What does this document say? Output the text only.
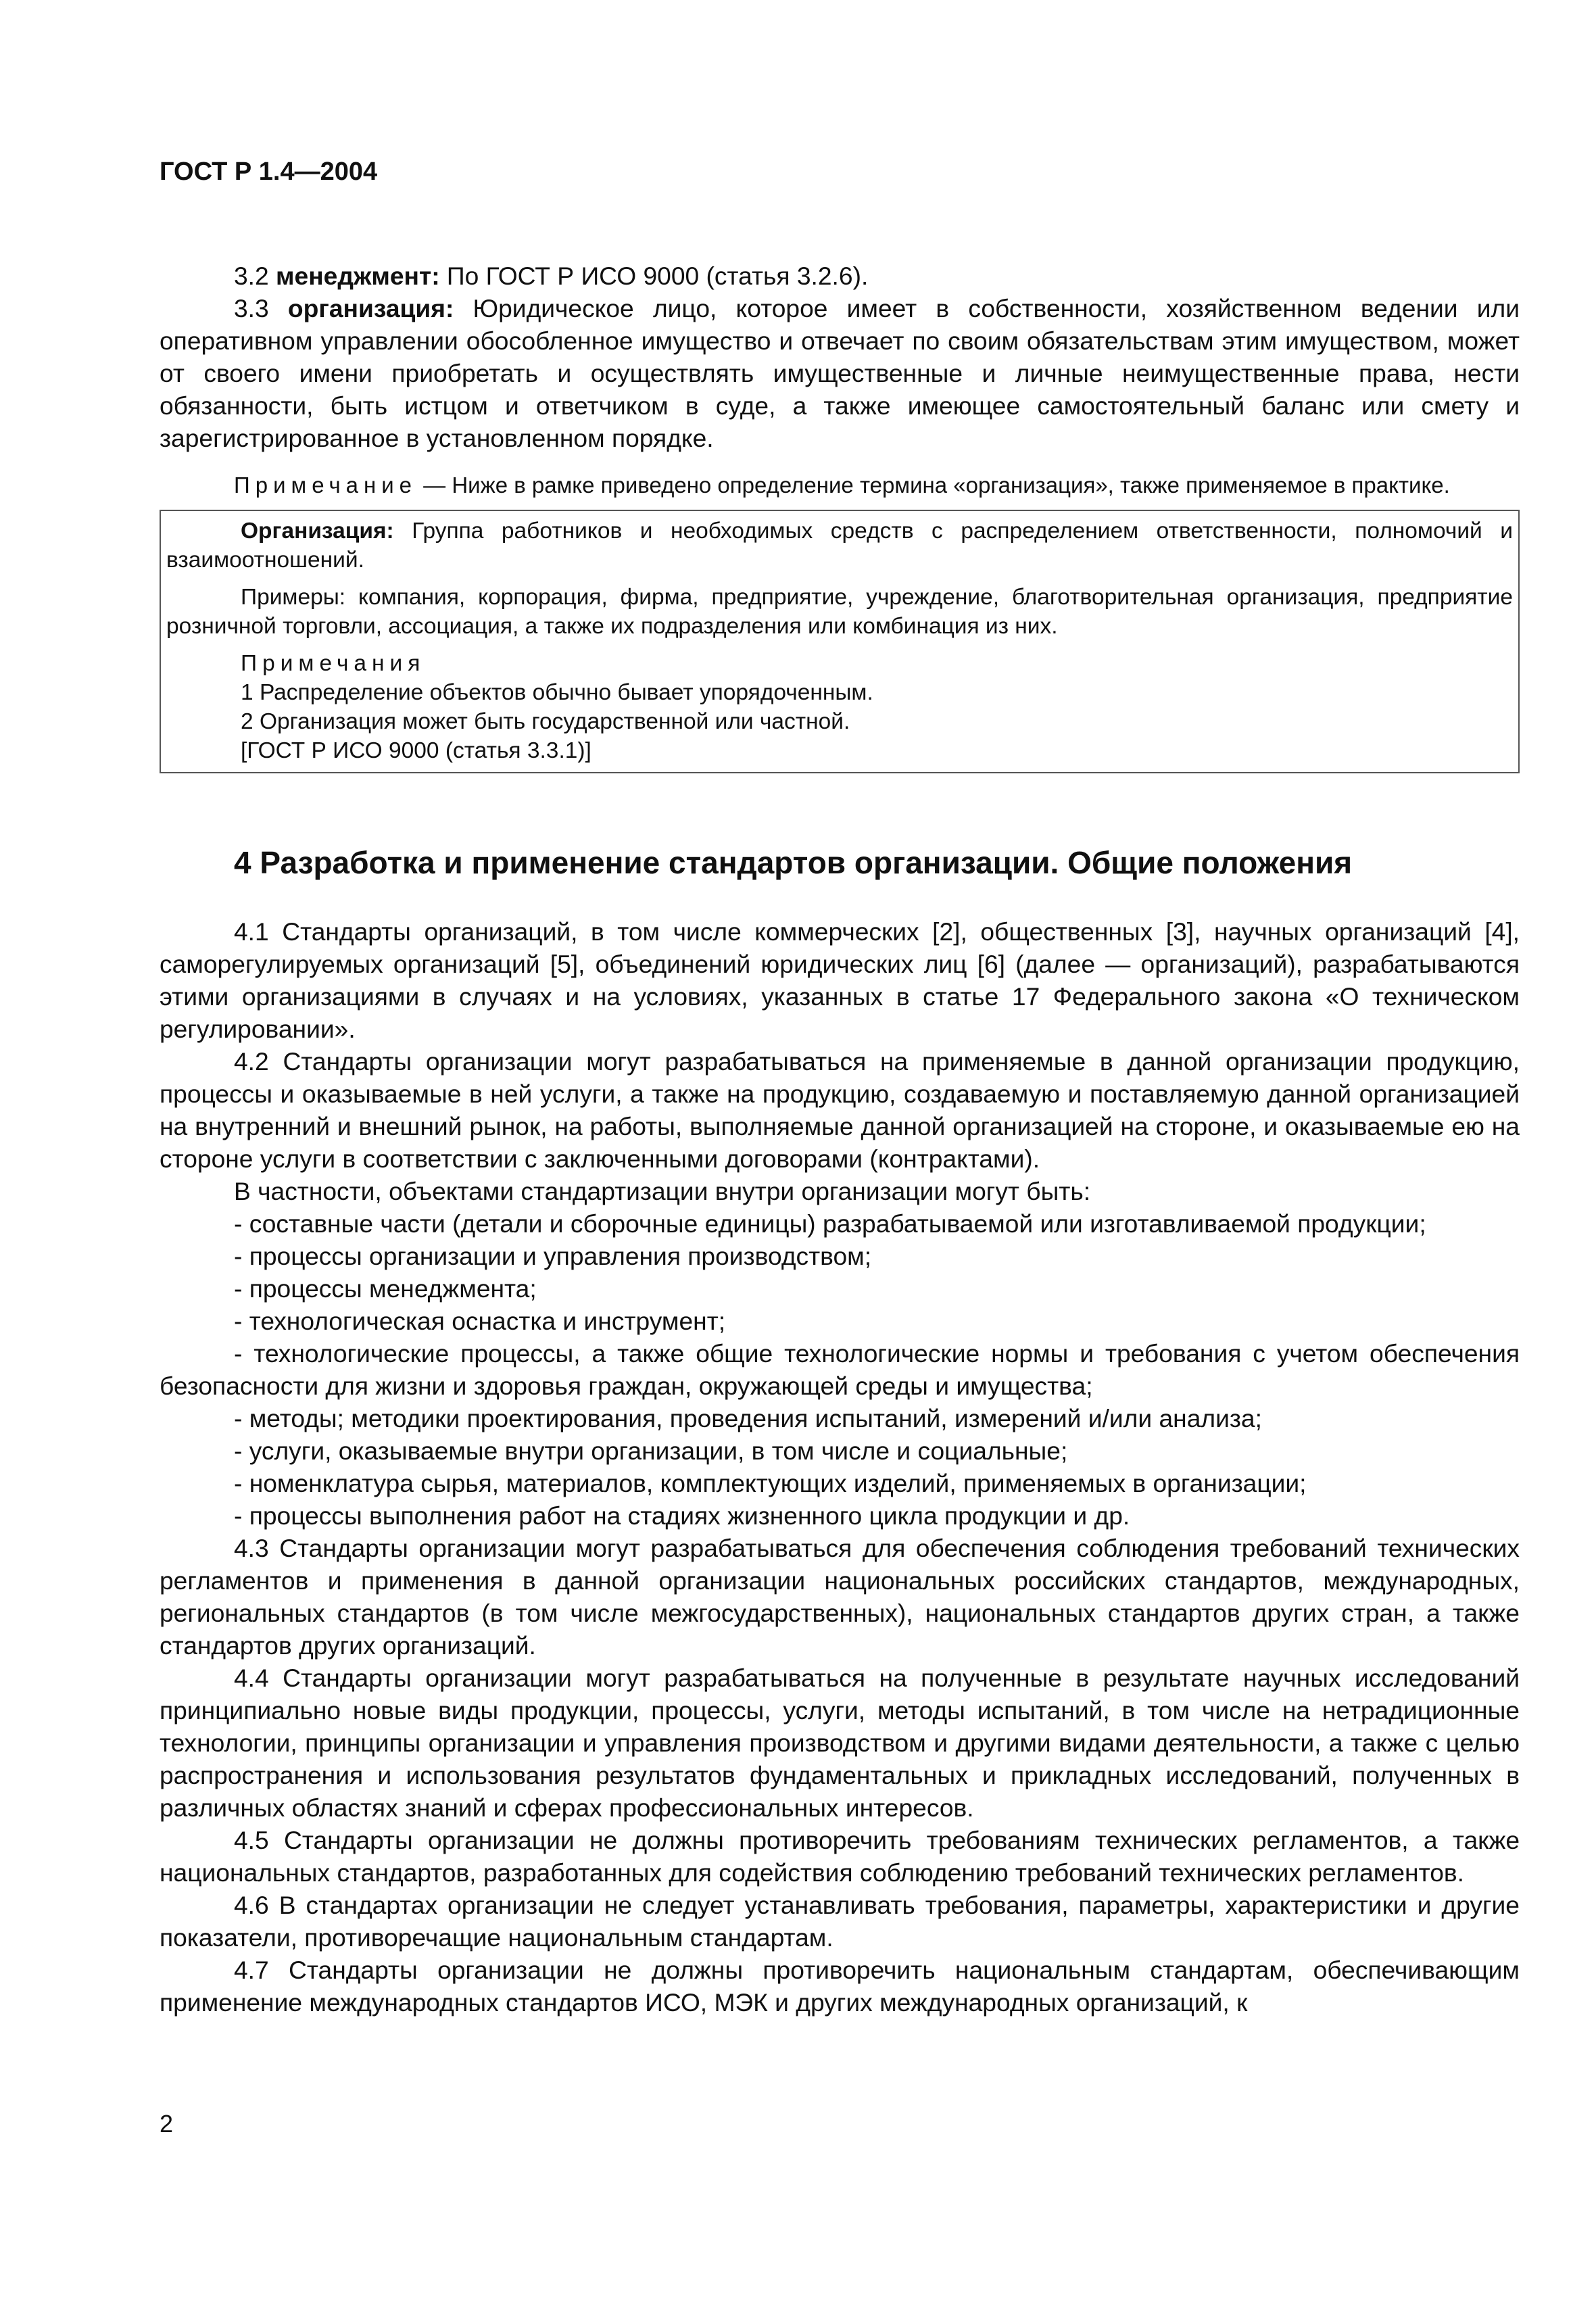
ГОСТ Р 1.4—2004

3.2 менеджмент: По ГОСТ Р ИСО 9000 (статья 3.2.6).

3.3 организация: Юридическое лицо, которое имеет в собственности, хозяйственном ведении или оперативном управлении обособленное имущество и отвечает по своим обязательствам этим имуществом, может от своего имени приобретать и осуществлять имущественные и личные неимущественные права, нести обязанности, быть истцом и ответчиком в суде, а также имеющее самостоятельный баланс или смету и зарегистрированное в установленном порядке.

Примечание — Ниже в рамке приведено определение термина «организация», также применяемое в практике.

Организация: Группа работников и необходимых средств с распределением ответственности, полномочий и взаимоотношений.

Примеры: компания, корпорация, фирма, предприятие, учреждение, благотворительная организация, предприятие розничной торговли, ассоциация, а также их подразделения или комбинация из них.

Примечания

1 Распределение объектов обычно бывает упорядоченным.

2 Организация может быть государственной или частной.

[ГОСТ Р ИСО 9000 (статья 3.3.1)]

4 Разработка и применение стандартов организации. Общие положения

4.1 Стандарты организаций, в том числе коммерческих [2], общественных [3], научных организаций [4], саморегулируемых организаций [5], объединений юридических лиц [6] (далее — организаций), разрабатываются этими организациями в случаях и на условиях, указанных в статье 17 Федерального закона «О техническом регулировании».

4.2 Стандарты организации могут разрабатываться на применяемые в данной организации продукцию, процессы и оказываемые в ней услуги, а также на продукцию, создаваемую и поставляемую данной организацией на внутренний и внешний рынок, на работы, выполняемые данной организацией на стороне, и оказываемые ею на стороне услуги в соответствии с заключенными договорами (контрактами).

В частности, объектами стандартизации внутри организации могут быть:

- составные части (детали и сборочные единицы) разрабатываемой или изготавливаемой продукции;

- процессы организации и управления производством;

- процессы менеджмента;

- технологическая оснастка и инструмент;

- технологические процессы, а также общие технологические нормы и требования с учетом обеспечения безопасности для жизни и здоровья граждан, окружающей среды и имущества;

- методы; методики проектирования, проведения испытаний, измерений и/или анализа;

- услуги, оказываемые внутри организации, в том числе и социальные;

- номенклатура сырья, материалов, комплектующих изделий, применяемых в организации;

- процессы выполнения работ на стадиях жизненного цикла продукции и др.

4.3 Стандарты организации могут разрабатываться для обеспечения соблюдения требований технических регламентов и применения в данной организации национальных российских стандартов, международных, региональных стандартов (в том числе межгосударственных), национальных стандартов других стран, а также стандартов других организаций.

4.4 Стандарты организации могут разрабатываться на полученные в результате научных исследований принципиально новые виды продукции, процессы, услуги, методы испытаний, в том числе на нетрадиционные технологии, принципы организации и управления производством и другими видами деятельности, а также с целью распространения и использования результатов фундаментальных и прикладных исследований, полученных в различных областях знаний и сферах профессиональных интересов.

4.5 Стандарты организации не должны противоречить требованиям технических регламентов, а также национальных стандартов, разработанных для содействия соблюдению требований технических регламентов.

4.6 В стандартах организации не следует устанавливать требования, параметры, характеристики и другие показатели, противоречащие национальным стандартам.

4.7 Стандарты организации не должны противоречить национальным стандартам, обеспечивающим применение международных стандартов ИСО, МЭК и других международных организаций, к

2
